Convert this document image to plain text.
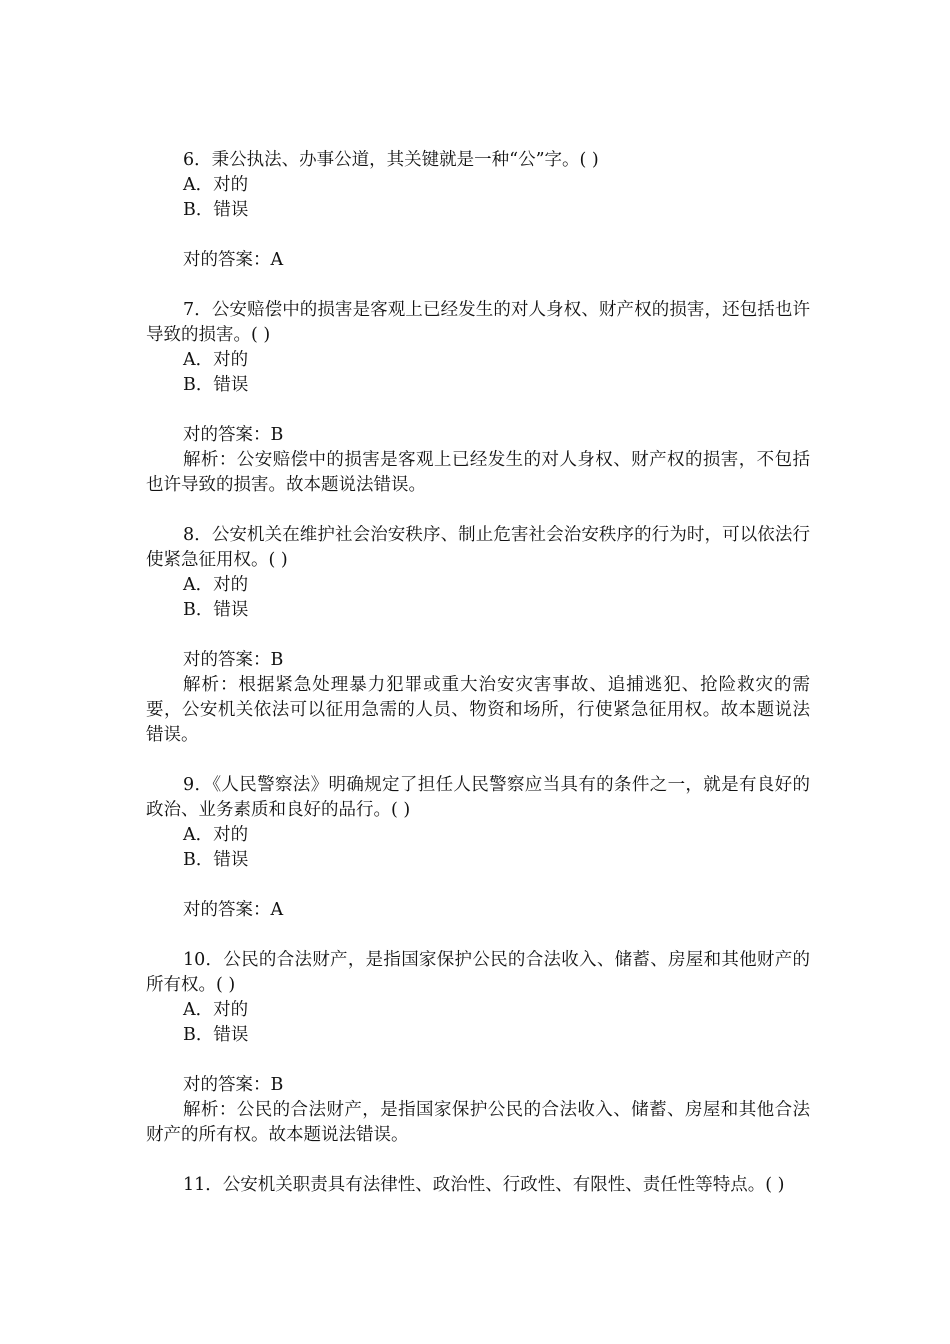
6．秉公执法、办事公道，其关键就是一种“公”字。( )

A．对的

B．错误

对的答案：A

7．公安赔偿中的损害是客观上已经发生的对人身权、财产权的损害，还包括也许导致的损害。( )

A．对的

B．错误

对的答案：B

解析：公安赔偿中的损害是客观上已经发生的对人身权、财产权的损害，不包括也许导致的损害。故本题说法错误。

8．公安机关在维护社会治安秩序、制止危害社会治安秩序的行为时，可以依法行使紧急征用权。( )

A．对的

B．错误

对的答案：B

解析：根据紧急处理暴力犯罪或重大治安灾害事故、追捕逃犯、抢险救灾的需要，公安机关依法可以征用急需的人员、物资和场所，行使紧急征用权。故本题说法错误。

9．《人民警察法》明确规定了担任人民警察应当具有的条件之一，就是有良好的政治、业务素质和良好的品行。( )

A．对的

B．错误

对的答案：A

10．公民的合法财产，是指国家保护公民的合法收入、储蓄、房屋和其他财产的所有权。( )

A．对的

B．错误

对的答案：B

解析：公民的合法财产，是指国家保护公民的合法收入、储蓄、房屋和其他合法财产的所有权。故本题说法错误。

11．公安机关职责具有法律性、政治性、行政性、有限性、责任性等特点。( )
